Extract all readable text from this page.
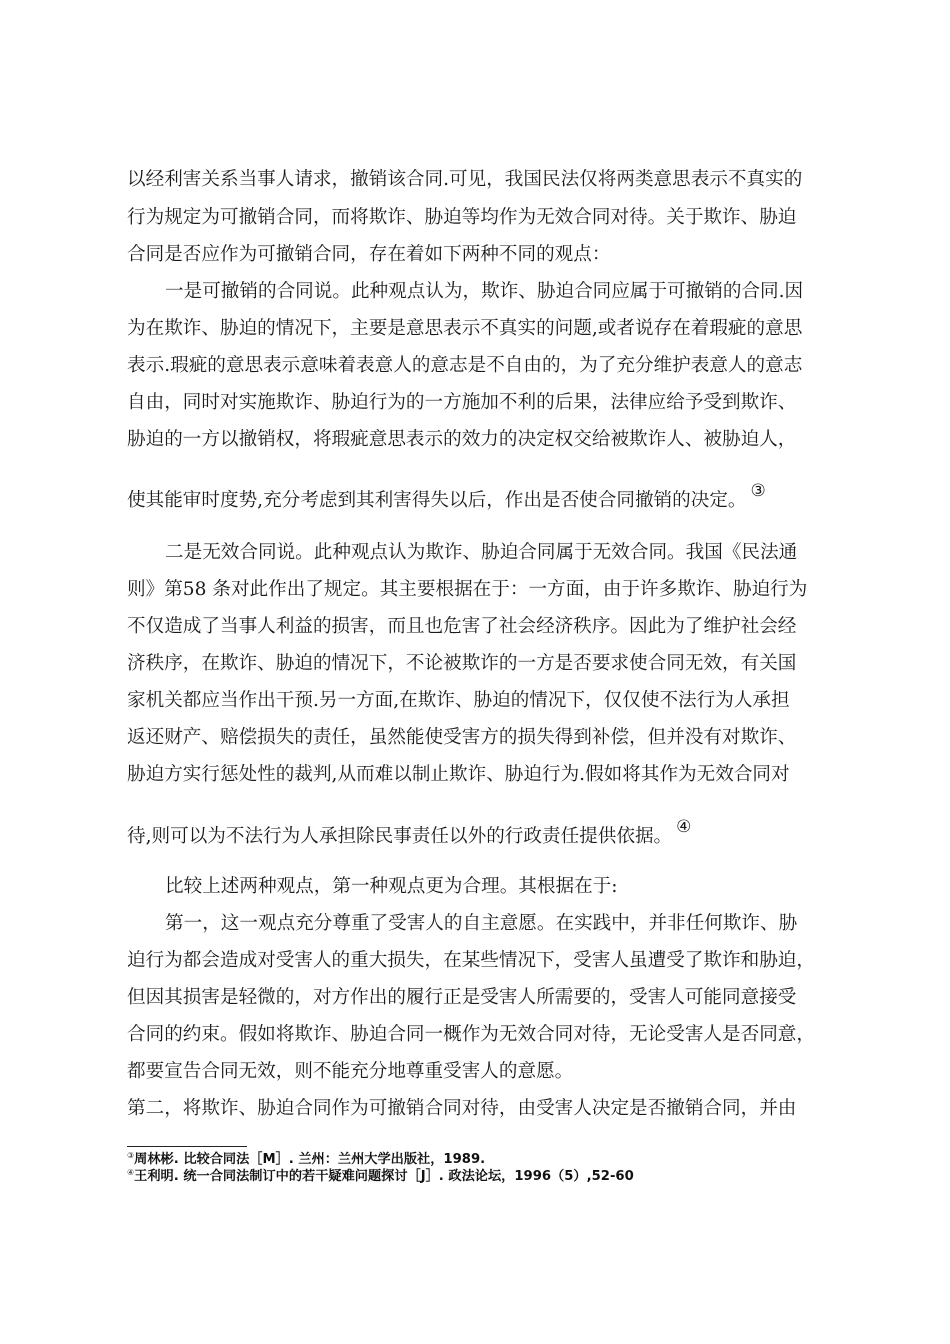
以经利害关系当事人请求，撤销该合同.可见，我国民法仅将两类意思表示不真实的
行为规定为可撤销合同，而将欺诈、胁迫等均作为无效合同对待。关于欺诈、胁迫
合同是否应作为可撤销合同，存在着如下两种不同的观点：
一是可撤销的合同说。此种观点认为，欺诈、胁迫合同应属于可撤销的合同.因
为在欺诈、胁迫的情况下，主要是意思表示不真实的问题,或者说存在着瑕疵的意思
表示.瑕疵的意思表示意味着表意人的意志是不自由的，为了充分维护表意人的意志
自由，同时对实施欺诈、胁迫行为的一方施加不利的后果，法律应给予受到欺诈、
胁迫的一方以撤销权，将瑕疵意思表示的效力的决定权交给被欺诈人、被胁迫人，
使其能审时度势,充分考虑到其利害得失以后，作出是否使合同撤销的决定。 ③
二是无效合同说。此种观点认为欺诈、胁迫合同属于无效合同。我国《民法通
则》第58 条对此作出了规定。其主要根据在于：一方面，由于许多欺诈、胁迫行为
不仅造成了当事人利益的损害，而且也危害了社会经济秩序。因此为了维护社会经
济秩序，在欺诈、胁迫的情况下，不论被欺诈的一方是否要求使合同无效，有关国
家机关都应当作出干预.另一方面,在欺诈、胁迫的情况下，仅仅使不法行为人承担
返还财产、赔偿损失的责任，虽然能使受害方的损失得到补偿，但并没有对欺诈、
胁迫方实行惩处性的裁判,从而难以制止欺诈、胁迫行为.假如将其作为无效合同对
待,则可以为不法行为人承担除民事责任以外的行政责任提供依据。 ④
比较上述两种观点，第一种观点更为合理。其根据在于:
第一，这一观点充分尊重了受害人的自主意愿。在实践中，并非任何欺诈、胁
迫行为都会造成对受害人的重大损失，在某些情况下，受害人虽遭受了欺诈和胁迫，
但因其损害是轻微的，对方作出的履行正是受害人所需要的，受害人可能同意接受
合同的约束。假如将欺诈、胁迫合同一概作为无效合同对待，无论受害人是否同意，
都要宣告合同无效，则不能充分地尊重受害人的意愿。
第二，将欺诈、胁迫合同作为可撤销合同对待，由受害人决定是否撤销合同，并由
③周林彬. 比较合同法［M］. 兰州：兰州大学出版社，1989.
④王利明. 统一合同法制订中的若干疑难问题探讨［J］. 政法论坛，1996（5）,52-60
